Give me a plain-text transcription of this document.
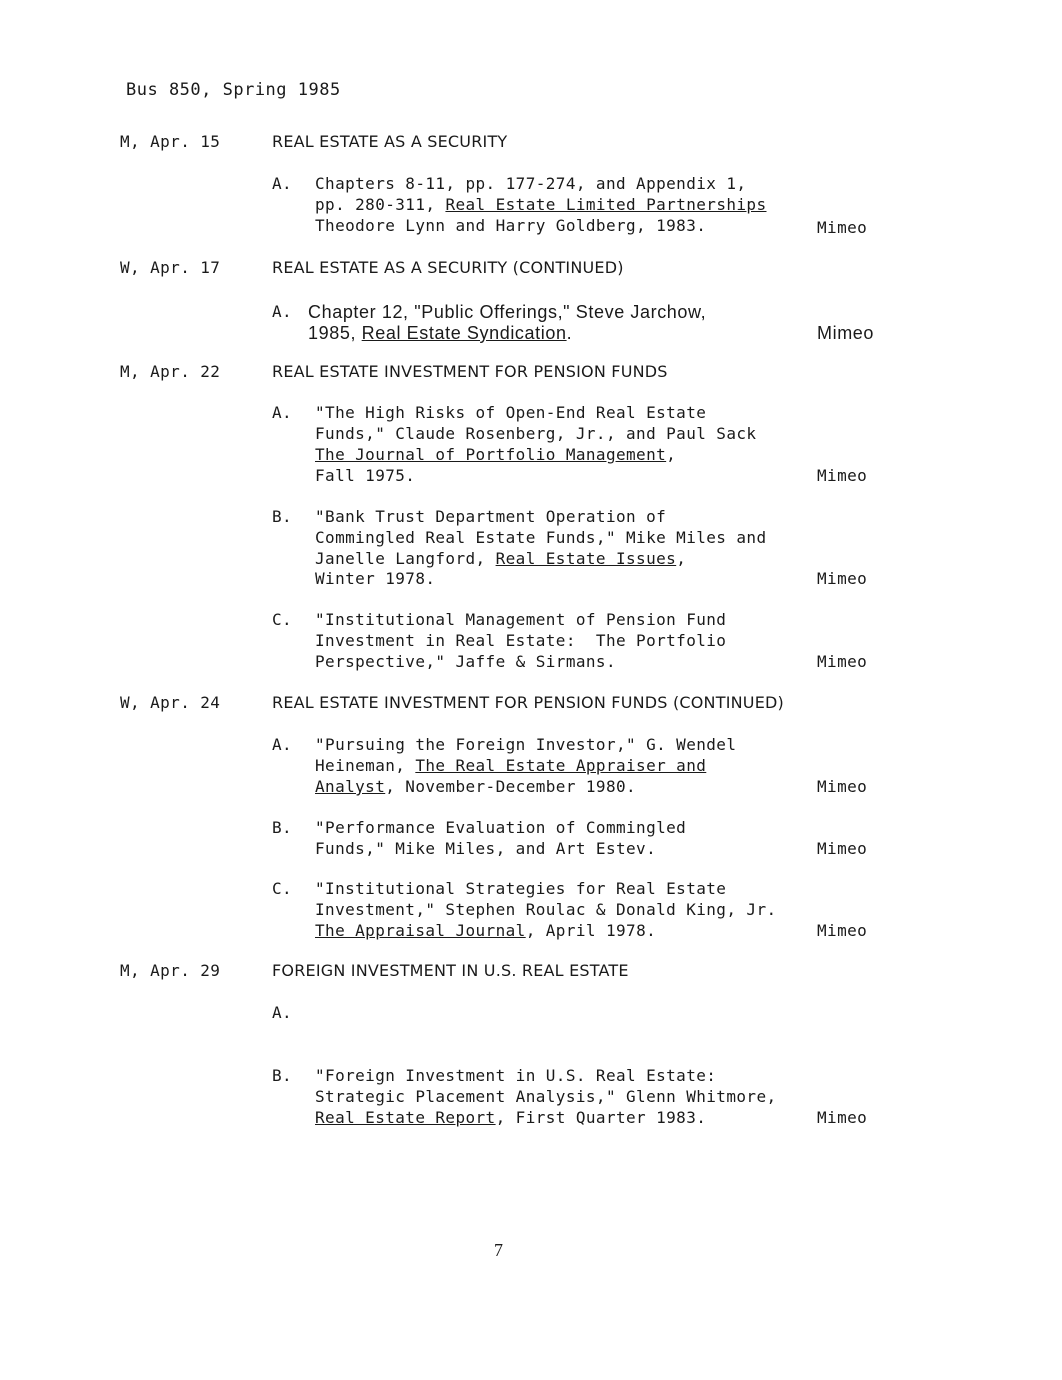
Bus 850, Spring 1985
M, Apr. 15	REAL ESTATE AS A SECURITY
A. Chapters 8-11, pp. 177-274, and Appendix 1,
pp. 280-311, Real Estate Limited Partnerships
Theodore Lynn and Harry Goldberg, 1983.	Mimeo
W, Apr. 17	REAL ESTATE AS A SECURITY (CONTINUED)
A. Chapter 12, "Public Offerings," Steve Jarchow,
1985, Real Estate Syndication.	Mimeo
M, Apr. 22	REAL ESTATE INVESTMENT FOR PENSION FUNDS
A. "The High Risks of Open-End Real Estate
Funds," Claude Rosenberg, Jr., and Paul Sack
The Journal of Portfolio Management,
Fall 1975.	Mimeo
B. "Bank Trust Department Operation of
Commingled Real Estate Funds," Mike Miles and
Janelle Langford, Real Estate Issues,
Winter 1978.	Mimeo
C. "Institutional Management of Pension Fund
Investment in Real Estate:  The Portfolio
Perspective," Jaffe & Sirmans.	Mimeo
W, Apr. 24	REAL ESTATE INVESTMENT FOR PENSION FUNDS (CONTINUED)
A. "Pursuing the Foreign Investor," G. Wendel
Heineman, The Real Estate Appraiser and
Analyst, November-December 1980.	Mimeo
B. "Performance Evaluation of Commingled
Funds," Mike Miles, and Art Estev.	Mimeo
C. "Institutional Strategies for Real Estate
Investment," Stephen Roulac & Donald King, Jr.
The Appraisal Journal, April 1978.	Mimeo
M, Apr. 29	FOREIGN INVESTMENT IN U.S. REAL ESTATE
A.
B. "Foreign Investment in U.S. Real Estate:
Strategic Placement Analysis," Glenn Whitmore,
Real Estate Report, First Quarter 1983.	Mimeo
7
